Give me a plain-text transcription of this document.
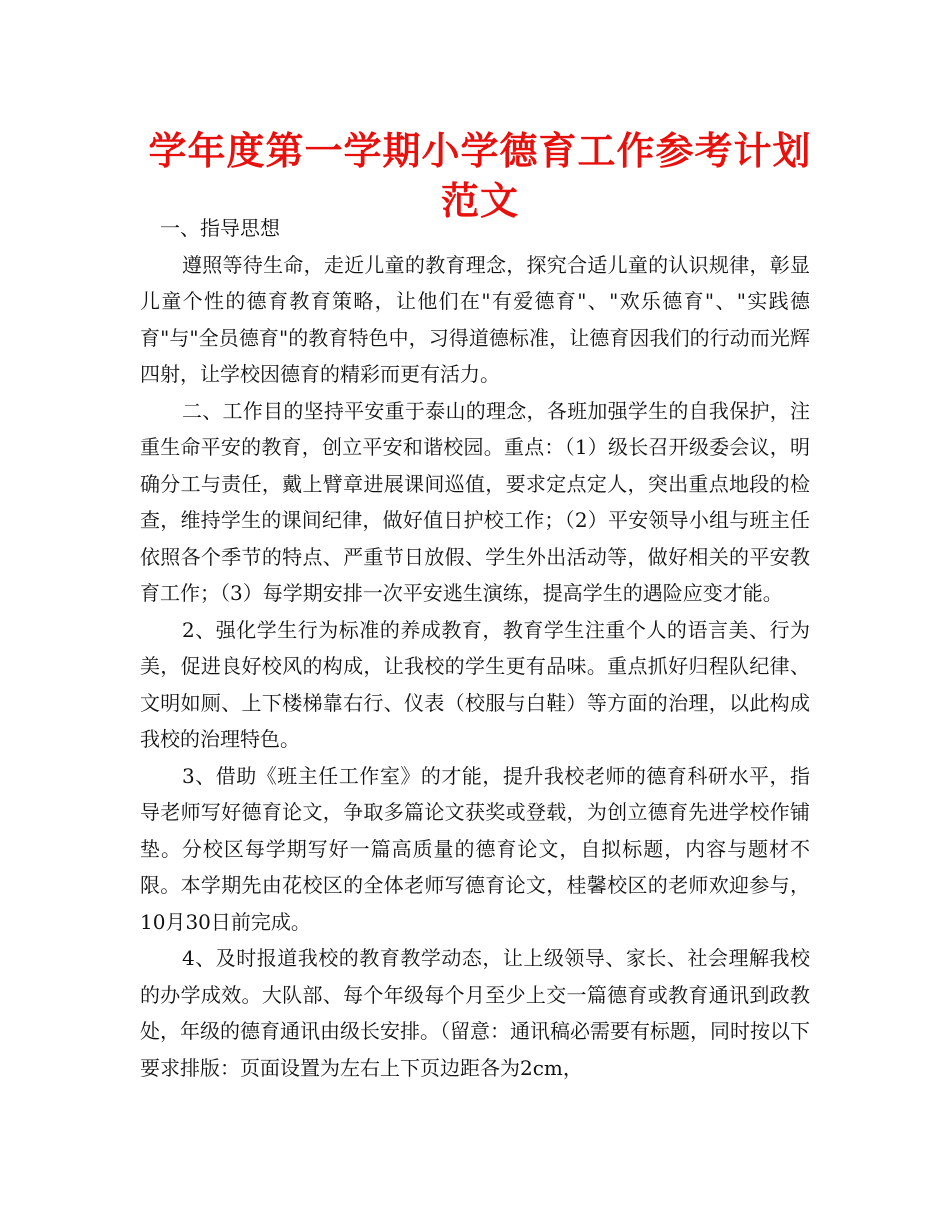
学年度第一学期小学德育工作参考计划范文

一、指导思想

遵照等待生命，走近儿童的教育理念，探究合适儿童的认识规律，彰显儿童个性的德育教育策略，让他们在"有爱德育"、"欢乐德育"、"实践德育"与"全员德育"的教育特色中，习得道德标准，让德育因我们的行动而光辉四射，让学校因德育的精彩而更有活力。

二、工作目的坚持平安重于泰山的理念，各班加强学生的自我保护，注重生命平安的教育，创立平安和谐校园。重点：（1）级长召开级委会议，明确分工与责任，戴上臂章进展课间巡值，要求定点定人，突出重点地段的检查，维持学生的课间纪律，做好值日护校工作；（2）平安领导小组与班主任依照各个季节的特点、严重节日放假、学生外出活动等，做好相关的平安教育工作；（3）每学期安排一次平安逃生演练，提高学生的遇险应变才能。

2、强化学生行为标准的养成教育，教育学生注重个人的语言美、行为美，促进良好校风的构成，让我校的学生更有品味。重点抓好归程队纪律、文明如厕、上下楼梯靠右行、仪表（校服与白鞋）等方面的治理，以此构成我校的治理特色。

3、借助《班主任工作室》的才能，提升我校老师的德育科研水平，指导老师写好德育论文，争取多篇论文获奖或登载，为创立德育先进学校作铺垫。分校区每学期写好一篇高质量的德育论文，自拟标题，内容与题材不限。本学期先由花校区的全体老师写德育论文，桂馨校区的老师欢迎参与，10月30日前完成。

4、及时报道我校的教育教学动态，让上级领导、家长、社会理解我校的办学成效。大队部、每个年级每个月至少上交一篇德育或教育通讯到政教处，年级的德育通讯由级长安排。（留意：通讯稿必需要有标题，同时按以下要求排版：页面设置为左右上下页边距各为2cm，
